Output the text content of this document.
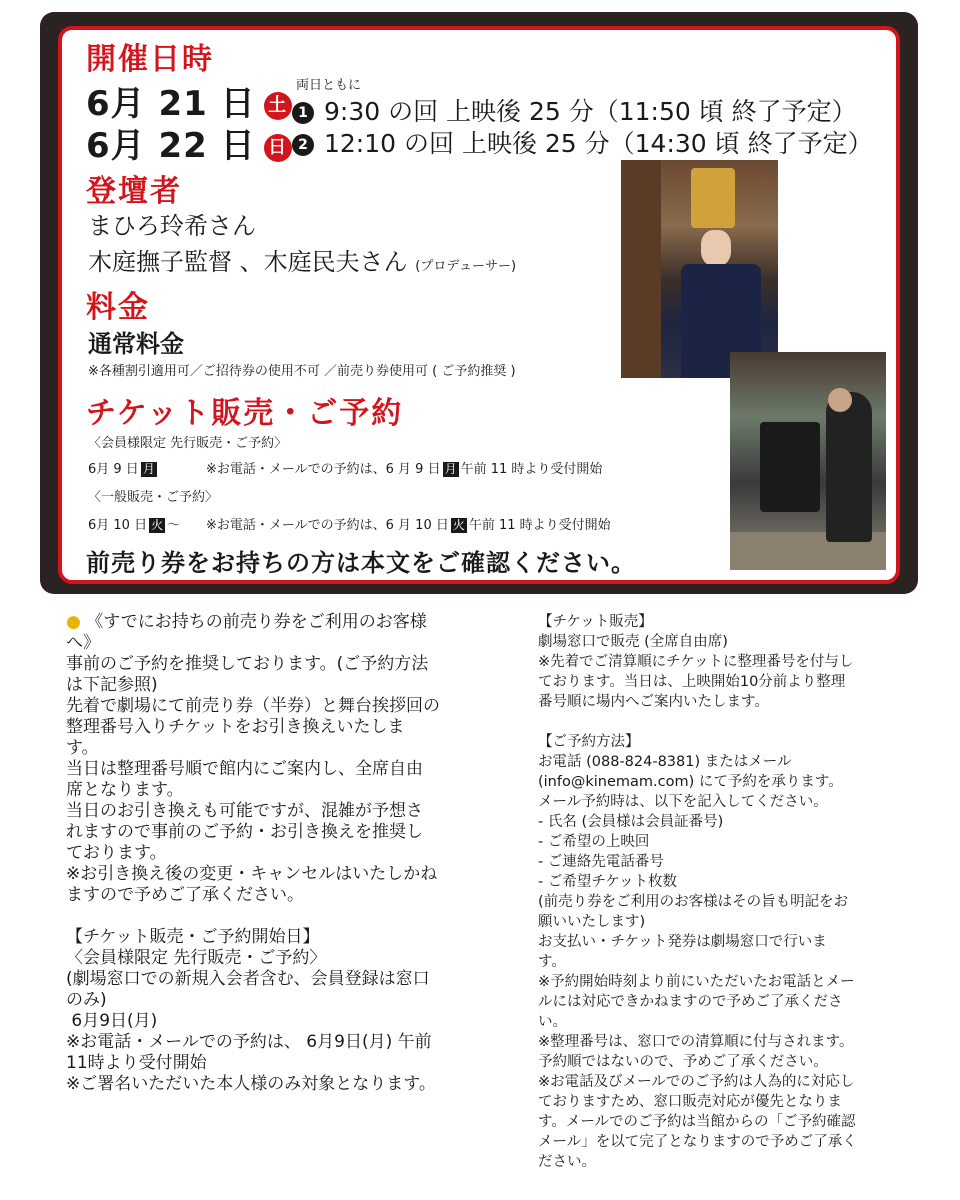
開催日時
両日ともに
6月 21 日 土 1 9:30 の回 上映後 25 分（11:50 頃 終了予定）
6月 22 日 日 2 12:10 の回 上映後 25 分（14:30 頃 終了予定）
登壇者
まひろ玲希さん
木庭撫子監督 、木庭民夫さん (プロデューサー)
料金
通常料金
※各種割引適用可／ご招待券の使用不可 ／前売り券使用可 ( ご予約推奨 )
チケット販売・ご予約
〈会員様限定 先行販売・ご予約〉
6月 9 日 月	※お電話・メールでの予約は、6 月 9 日 月 午前 11 時より受付開始
〈一般販売・ご予約〉
6月 10 日 火 〜 ※お電話・メールでの予約は、6 月 10 日 火 午前 11 時より受付開始
前売り券をお持ちの方は本文をご確認ください。
● 《すでにお持ちの前売り券をご利用のお客様
へ》
事前のご予約を推奨しております。(ご予約方法
は下記参照)
先着で劇場にて前売り券（半券）と舞台挨拶回の
整理番号入りチケットをお引き換えいたしま
す。
当日は整理番号順で館内にご案内し、全席自由
席となります。
当日のお引き換えも可能ですが、混雑が予想さ
れますので事前のご予約・お引き換えを推奨し
ております。
※お引き換え後の変更・キャンセルはいたしかね
ますので予めご了承ください。

【チケット販売・ご予約開始日】
〈会員様限定 先行販売・ご予約〉
(劇場窓口での新規入会者含む、会員登録は窓口
のみ)
6月9日(月)
※お電話・メールでの予約は、 6月9日(月) 午前
11時より受付開始
※ご署名いただいた本人様のみ対象となります。

【チケット販売】
劇場窓口で販売 (全席自由席)
※先着でご清算順にチケットに整理番号を付与し
ております。当日は、上映開始10分前より整理
番号順に場内へご案内いたします。

【ご予約方法】
お電話 (088-824-8381) またはメール
(info@kinemam.com) にて予約を承ります。
メール予約時は、以下を記入してください。
- 氏名 (会員様は会員証番号)
- ご希望の上映回
- ご連絡先電話番号
- ご希望チケット枚数
(前売り券をご利用のお客様はその旨も明記をお
願いいたします)
お支払い・チケット発券は劇場窓口で行いま
す。
※予約開始時刻より前にいただいたお電話とメー
ルには対応できかねますので予めご了承くださ
い。
※整理番号は、窓口での清算順に付与されます。
予約順ではないので、予めご了承ください。
※お電話及びメールでのご予約は人為的に対応し
ておりますため、窓口販売対応が優先となりま
す。メールでのご予約は当館からの「ご予約確認
メール」を以て完了となりますので予めご了承く
ださい。
